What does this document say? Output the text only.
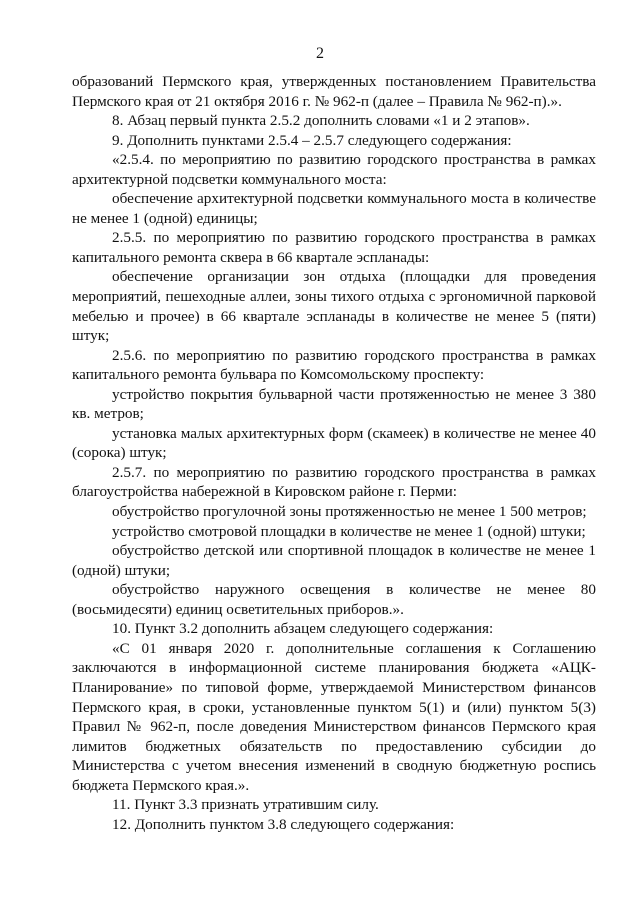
2

образований Пермского края, утвержденных постановлением Правительства Пермского края от 21 октября 2016 г. № 962-п (далее – Правила № 962-п).».

8. Абзац первый пункта 2.5.2 дополнить словами «1 и 2 этапов».

9. Дополнить пунктами 2.5.4 – 2.5.7 следующего содержания:

«2.5.4. по мероприятию по развитию городского пространства в рамках архитектурной подсветки коммунального моста:

обеспечение архитектурной подсветки коммунального моста в количестве не менее 1 (одной) единицы;

2.5.5. по мероприятию по развитию городского пространства в рамках капитального ремонта сквера в 66 квартале эспланады:

обеспечение организации зон отдыха (площадки для проведения мероприятий, пешеходные аллеи, зоны тихого отдыха с эргономичной парковой мебелью и прочее) в 66 квартале эспланады в количестве не менее 5 (пяти) штук;

2.5.6. по мероприятию по развитию городского пространства в рамках капитального ремонта бульвара по Комсомольскому проспекту:

устройство покрытия бульварной части протяженностью не менее 3 380 кв. метров;

установка малых архитектурных форм (скамеек) в количестве не менее 40 (сорока) штук;

2.5.7. по мероприятию по развитию городского пространства в рамках благоустройства набережной в Кировском районе г. Перми:

обустройство прогулочной зоны протяженностью не менее 1 500 метров;

устройство смотровой площадки в количестве не менее 1 (одной) штуки;

обустройство детской или спортивной площадок в количестве не менее 1 (одной) штуки;

обустройство наружного освещения в количестве не менее 80 (восьмидесяти) единиц осветительных приборов.».

10. Пункт 3.2 дополнить абзацем следующего содержания:

«С 01 января 2020 г. дополнительные соглашения к Соглашению заключаются в информационной системе планирования бюджета «АЦК-Планирование» по типовой форме, утверждаемой Министерством финансов Пермского края, в сроки, установленные пунктом 5(1) и (или) пунктом 5(3) Правил № 962-п, после доведения Министерством финансов Пермского края лимитов бюджетных обязательств по предоставлению субсидии до Министерства с учетом внесения изменений в сводную бюджетную роспись бюджета Пермского края.».

11. Пункт 3.3 признать утратившим силу.

12. Дополнить пунктом 3.8 следующего содержания:
